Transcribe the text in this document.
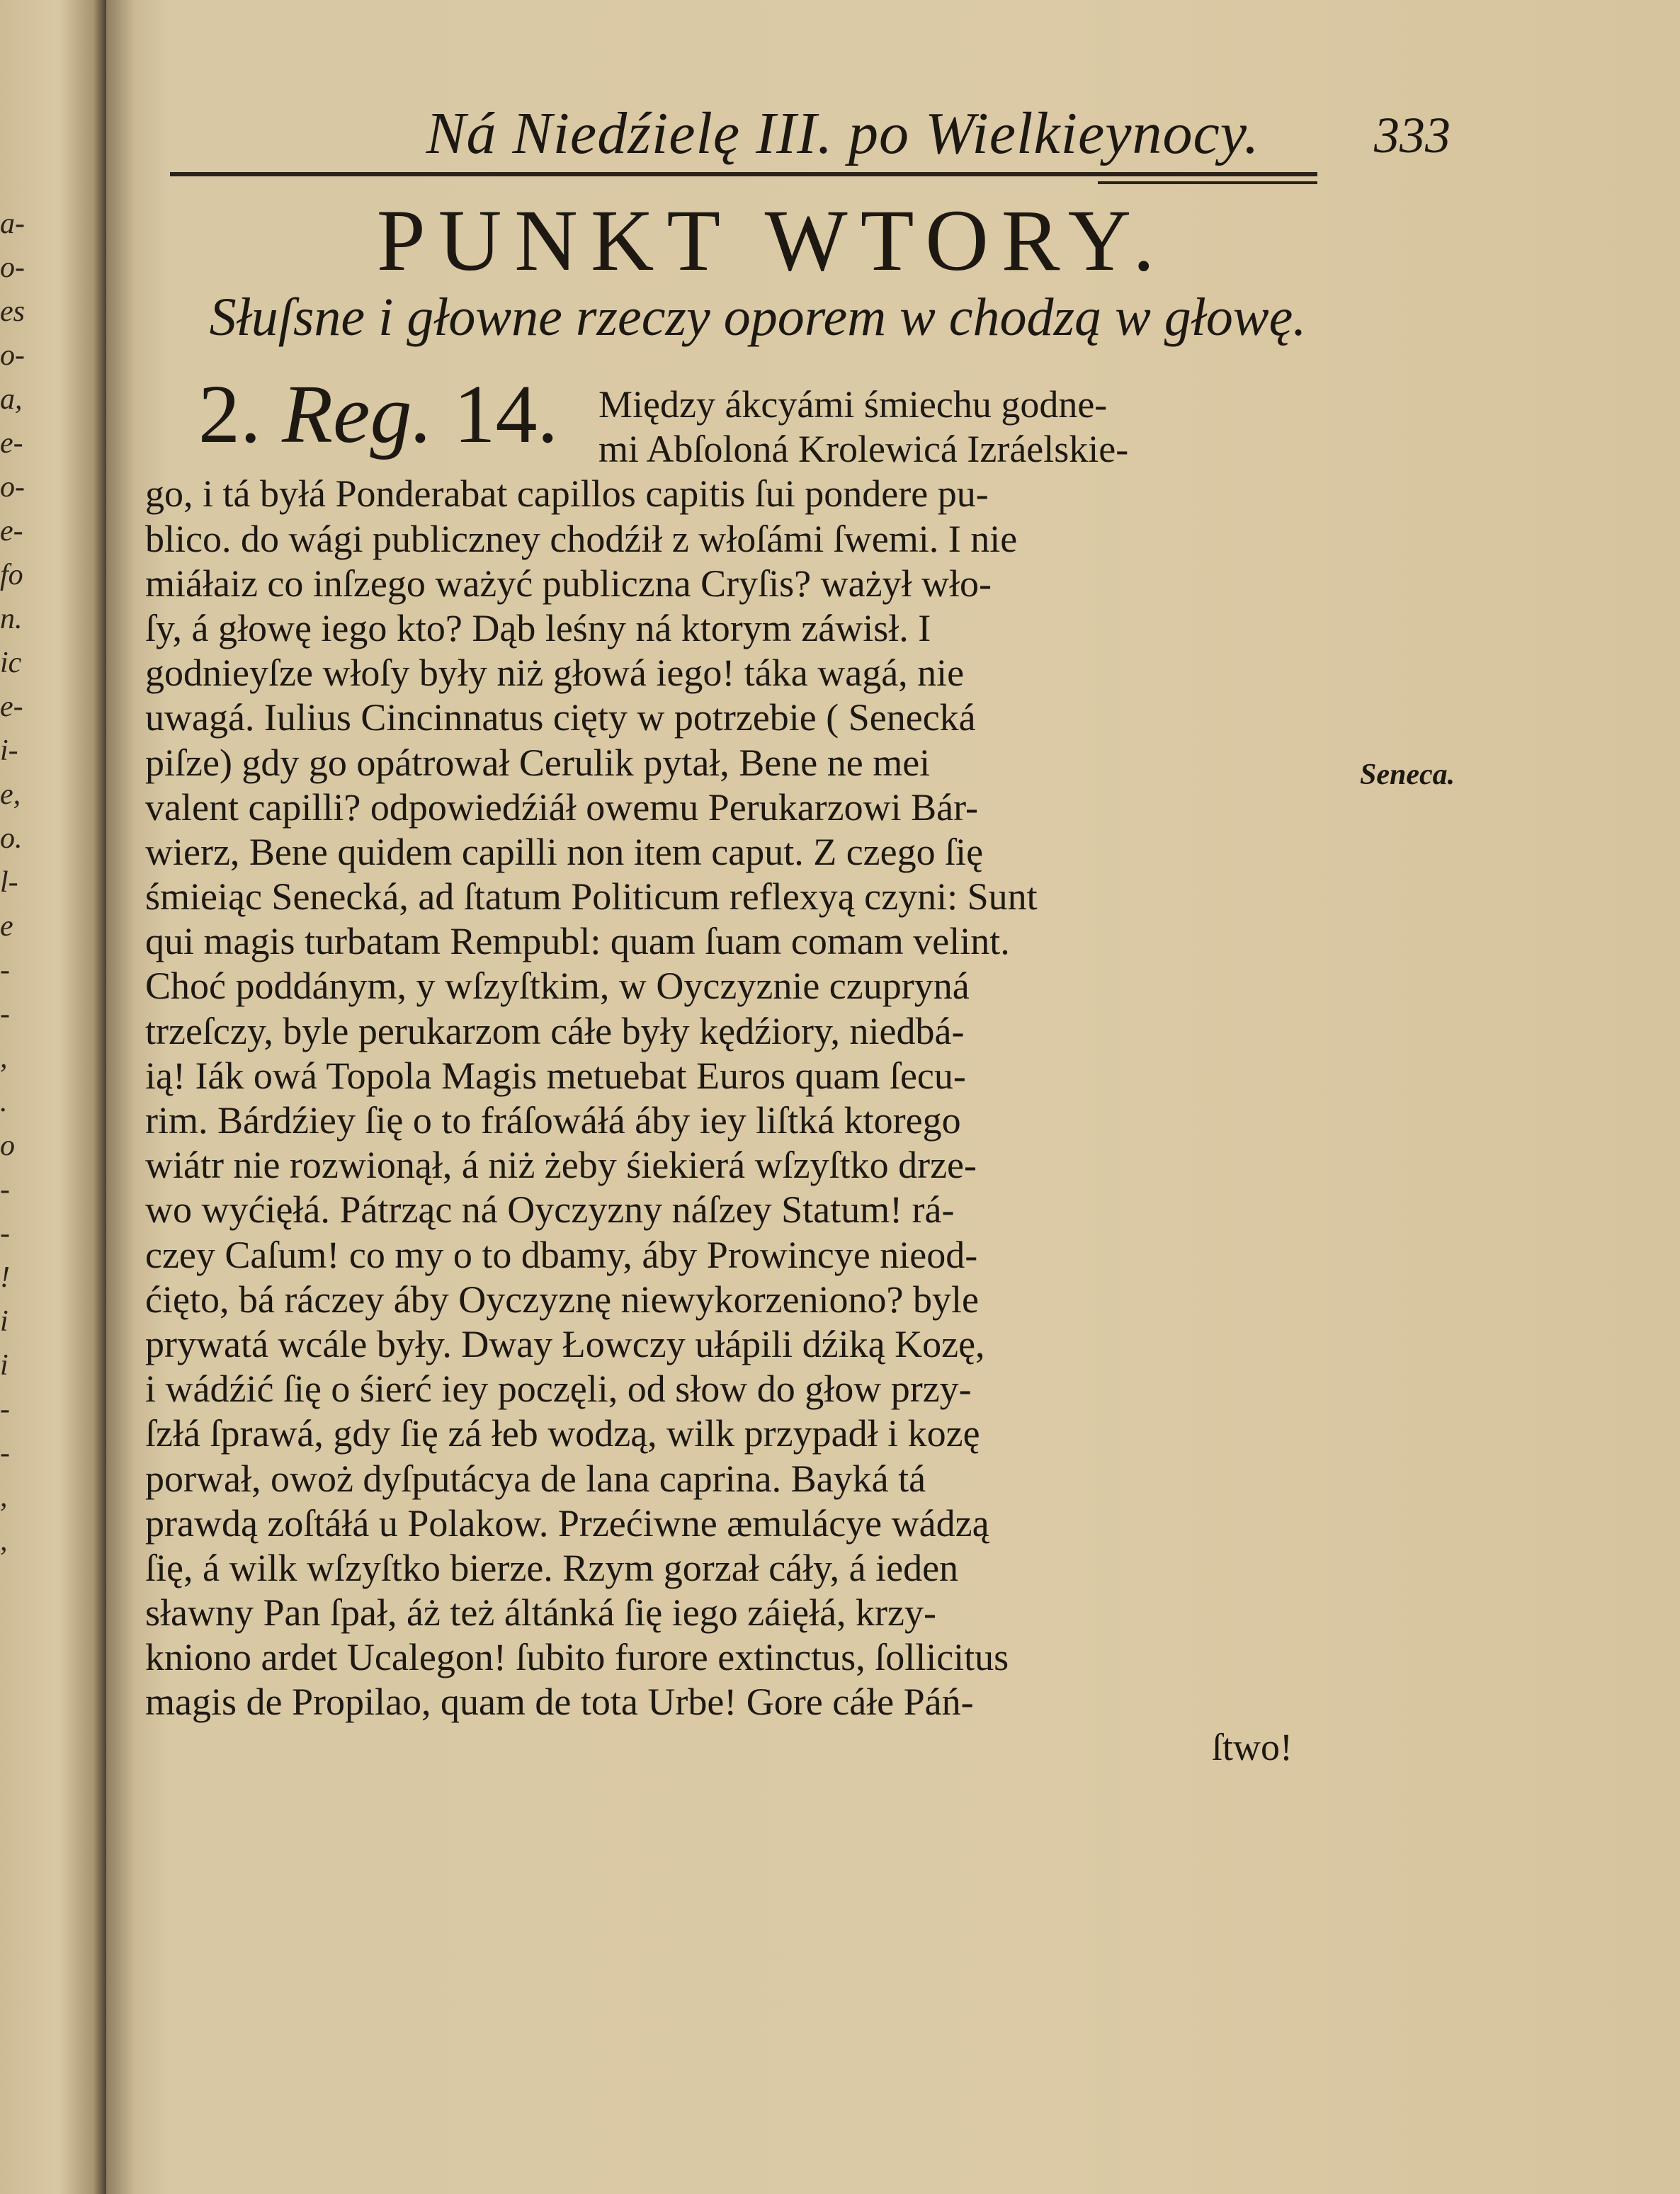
a-
o-
es
o-
a,
e-
o-
e-
fo
n.
ic
e-
i-
e,
o.
l-
e
-
-
,
.
o
-
-
!
i
i
-
-
,
,
Ná Niedźielę III. po Wielkieynocy.	333
PUNKT WTORY.
Słuſsne i głowne rzeczy oporem w chodzą w głowę.
2. Reg. 14.	Między ákcyámi śmiechu godne-
mi Abſoloná Krolewicá Izráelskie-
go, i tá byłá Ponderabat capillos capitis ſui pondere pu-
blico. do wági publiczney chodźił z włoſámi ſwemi. I nie
miáłaiz co inſzego ważyć publiczna Cryſis? ważył wło-
ſy, á głowę iego kto? Dąb leśny ná ktorym záwisł. I
godnieyſze włoſy były niż głowá iego! táka wagá, nie
uwagá. Iulius Cincinnatus cięty w potrzebie ( Senecká
piſze) gdy go opátrował Cerulik pytał, Bene ne mei
valent capilli? odpowiedźiáł owemu Perukarzowi Bár-
wierz, Bene quidem capilli non item caput. Z czego ſię
śmieiąc Senecká, ad ſtatum Politicum reflexyą czyni: Sunt
qui magis turbatam Rempubl: quam ſuam comam velint.
Choć poddánym, y wſzyſtkim, w Oyczyznie czupryná
trzeſczy, byle perukarzom cáłe były kędźiory, niedbá-
ią! Iák owá Topola Magis metuebat Euros quam ſecu-
rim. Bárdźiey ſię o to fráſowáłá áby iey liſtká ktorego
wiátr nie rozwionął, á niż żeby śiekierá wſzyſtko drze-
wo wyćięłá. Pátrząc ná Oyczyzny náſzey Statum! rá-
czey Caſum! co my o to dbamy, áby Prowincye nieod-
ćięto, bá ráczey áby Oyczyznę niewykorzeniono? byle
prywatá wcále były. Dway Łowczy ułápili dźiką Kozę,
i wádźić ſię o śierć iey poczęli, od słow do głow przy-
ſzłá ſprawá, gdy ſię zá łeb wodzą, wilk przypadł i kozę
porwał, owoż dyſputácya de lana caprina. Bayká tá
prawdą zoſtáłá u Polakow. Przećiwne æmulácye wádzą
ſię, á wilk wſzyſtko bierze. Rzym gorzał cáły, á ieden
sławny Pan ſpał, áż też áltánká ſię iego záięłá, krzy-
kniono ardet Ucalegon! ſubito furore extinctus, ſollicitus
magis de Propilao, quam de tota Urbe! Gore cáłe Páń-
ſtwo!
Seneca.
